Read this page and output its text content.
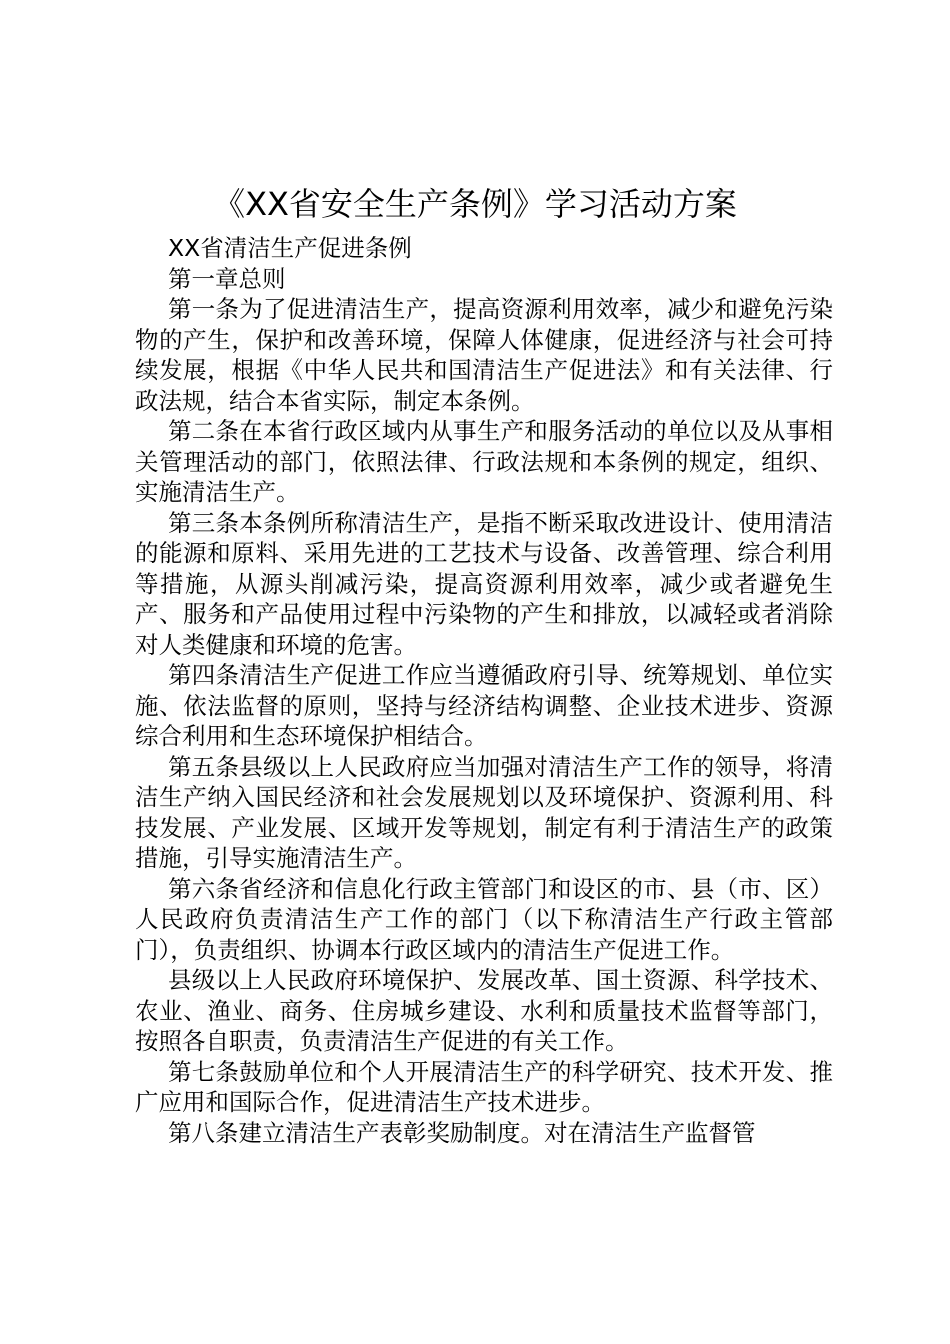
《XX省安全生产条例》学习活动方案

XX省清洁生产促进条例

第一章总则

第一条为了促进清洁生产，提高资源利用效率，减少和避免污染物的产生，保护和改善环境，保障人体健康，促进经济与社会可持续发展，根据《中华人民共和国清洁生产促进法》和有关法律、行政法规，结合本省实际，制定本条例。

第二条在本省行政区域内从事生产和服务活动的单位以及从事相关管理活动的部门，依照法律、行政法规和本条例的规定，组织、实施清洁生产。

第三条本条例所称清洁生产，是指不断采取改进设计、使用清洁的能源和原料、采用先进的工艺技术与设备、改善管理、综合利用等措施，从源头削减污染，提高资源利用效率，减少或者避免生产、服务和产品使用过程中污染物的产生和排放，以减轻或者消除对人类健康和环境的危害。

第四条清洁生产促进工作应当遵循政府引导、统筹规划、单位实施、依法监督的原则，坚持与经济结构调整、企业技术进步、资源综合利用和生态环境保护相结合。

第五条县级以上人民政府应当加强对清洁生产工作的领导，将清洁生产纳入国民经济和社会发展规划以及环境保护、资源利用、科技发展、产业发展、区域开发等规划，制定有利于清洁生产的政策措施，引导实施清洁生产。

第六条省经济和信息化行政主管部门和设区的市、县（市、区）人民政府负责清洁生产工作的部门（以下称清洁生产行政主管部门），负责组织、协调本行政区域内的清洁生产促进工作。

县级以上人民政府环境保护、发展改革、国土资源、科学技术、农业、渔业、商务、住房城乡建设、水利和质量技术监督等部门，按照各自职责，负责清洁生产促进的有关工作。

第七条鼓励单位和个人开展清洁生产的科学研究、技术开发、推广应用和国际合作，促进清洁生产技术进步。

第八条建立清洁生产表彰奖励制度。对在清洁生产监督管
